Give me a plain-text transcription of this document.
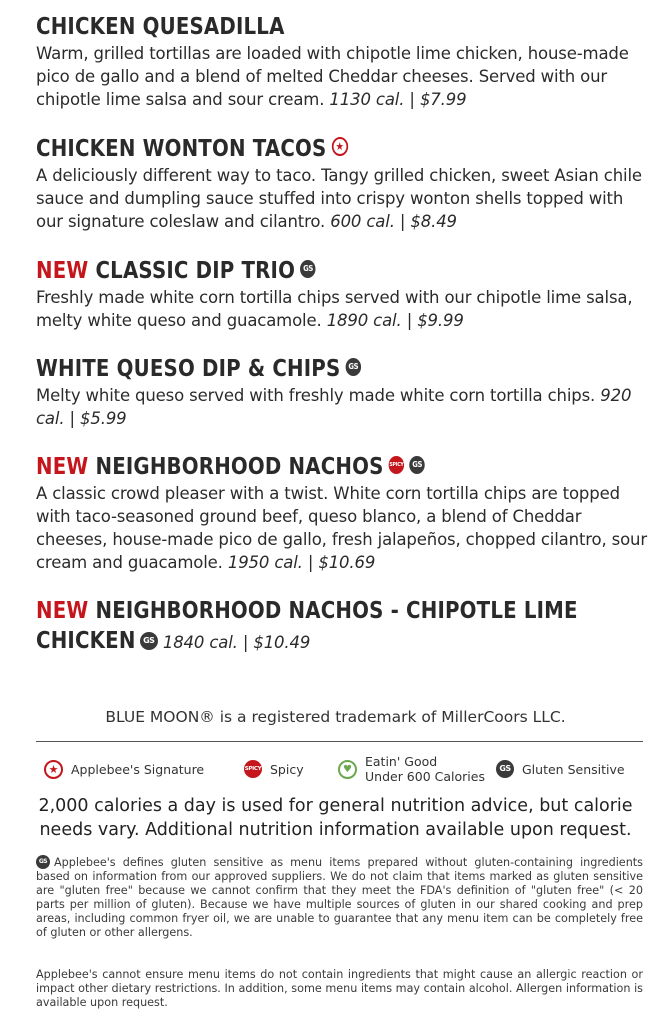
CHICKEN QUESADILLA
Warm, grilled tortillas are loaded with chipotle lime chicken, house-made pico de gallo and a blend of melted Cheddar cheeses. Served with our chipotle lime salsa and sour cream. 1130 cal. | $7.99
CHICKEN WONTON TACOS ★
A deliciously different way to taco. Tangy grilled chicken, sweet Asian chile sauce and dumpling sauce stuffed into crispy wonton shells topped with our signature coleslaw and cilantro. 600 cal. | $8.49
NEW CLASSIC DIP TRIO GS
Freshly made white corn tortilla chips served with our chipotle lime salsa, melty white queso and guacamole. 1890 cal. | $9.99
WHITE QUESO DIP & CHIPS GS
Melty white queso served with freshly made white corn tortilla chips. 920 cal. | $5.99
NEW NEIGHBORHOOD NACHOS SPICY GS
A classic crowd pleaser with a twist. White corn tortilla chips are topped with taco-seasoned ground beef, queso blanco, a blend of Cheddar cheeses, house-made pico de gallo, fresh jalapeños, chopped cilantro, sour cream and guacamole. 1950 cal. | $10.69
NEW NEIGHBORHOOD NACHOS - CHIPOTLE LIME
CHICKEN GS 1840 cal. | $10.49
BLUE MOON® is a registered trademark of MillerCoors LLC.
★	Applebee's Signature	SPICY Spicy	♥	Eatin' Good
Under 600 Calories
GS Gluten Sensitive
2,000 calories a day is used for general nutrition advice, but calorie
needs vary. Additional nutrition information available upon request.
GS Applebee's defines gluten sensitive as menu items prepared without gluten-containing ingredients based on information from our approved suppliers. We do not claim that items marked as gluten sensitive are "gluten free" because we cannot confirm that they meet the FDA's definition of "gluten free" (< 20 parts per million of gluten). Because we have multiple sources of gluten in our shared cooking and prep areas, including common fryer oil, we are unable to guarantee that any menu item can be completely free of gluten or other allergens.
Applebee's cannot ensure menu items do not contain ingredients that might cause an allergic reaction or impact other dietary restrictions. In addition, some menu items may contain alcohol. Allergen information is available upon request.
